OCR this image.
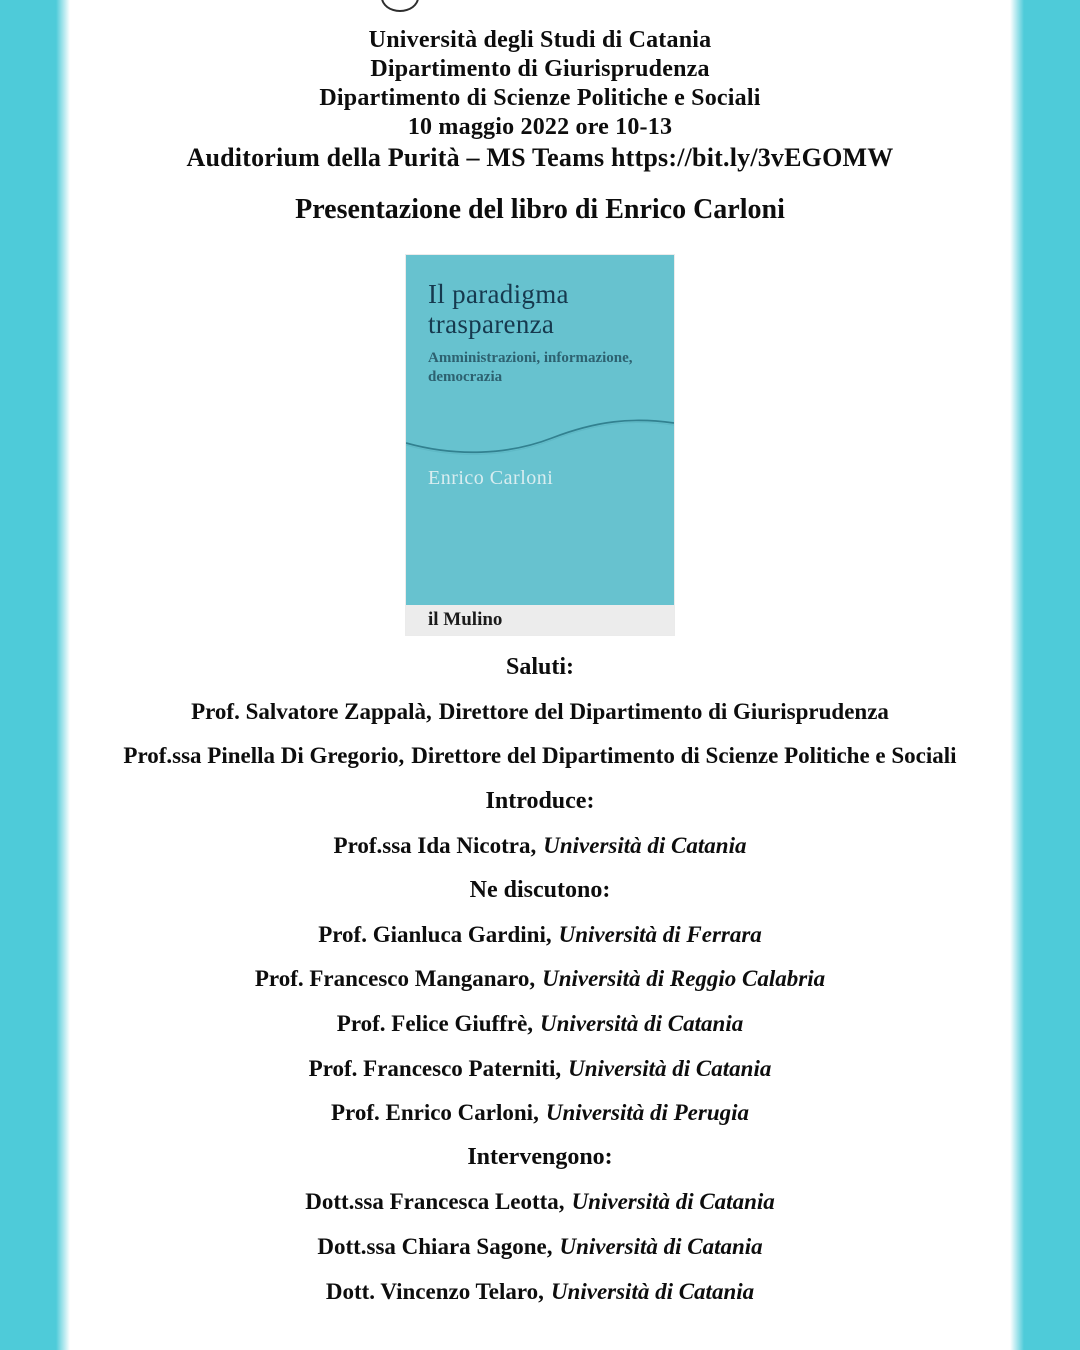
Università degli Studi di Catania
Dipartimento di Giurisprudenza
Dipartimento di Scienze Politiche e Sociali
10 maggio 2022 ore 10-13
Auditorium della Purità – MS Teams https://bit.ly/3vEGOMW
Presentazione del libro di Enrico Carloni
Il paradigma
trasparenza
Amministrazioni, informazione,
democrazia
Enrico Carloni
il Mulino
Saluti:
Prof. Salvatore Zappalà, Direttore del Dipartimento di Giurisprudenza
Prof.ssa Pinella Di Gregorio, Direttore del Dipartimento di Scienze Politiche e Sociali
Introduce:
Prof.ssa Ida Nicotra, Università di Catania
Ne discutono:
Prof. Gianluca Gardini, Università di Ferrara
Prof. Francesco Manganaro, Università di Reggio Calabria
Prof. Felice Giuffrè, Università di Catania
Prof. Francesco Paterniti, Università di Catania
Prof. Enrico Carloni, Università di Perugia
Intervengono:
Dott.ssa Francesca Leotta, Università di Catania
Dott.ssa Chiara Sagone, Università di Catania
Dott. Vincenzo Telaro, Università di Catania
